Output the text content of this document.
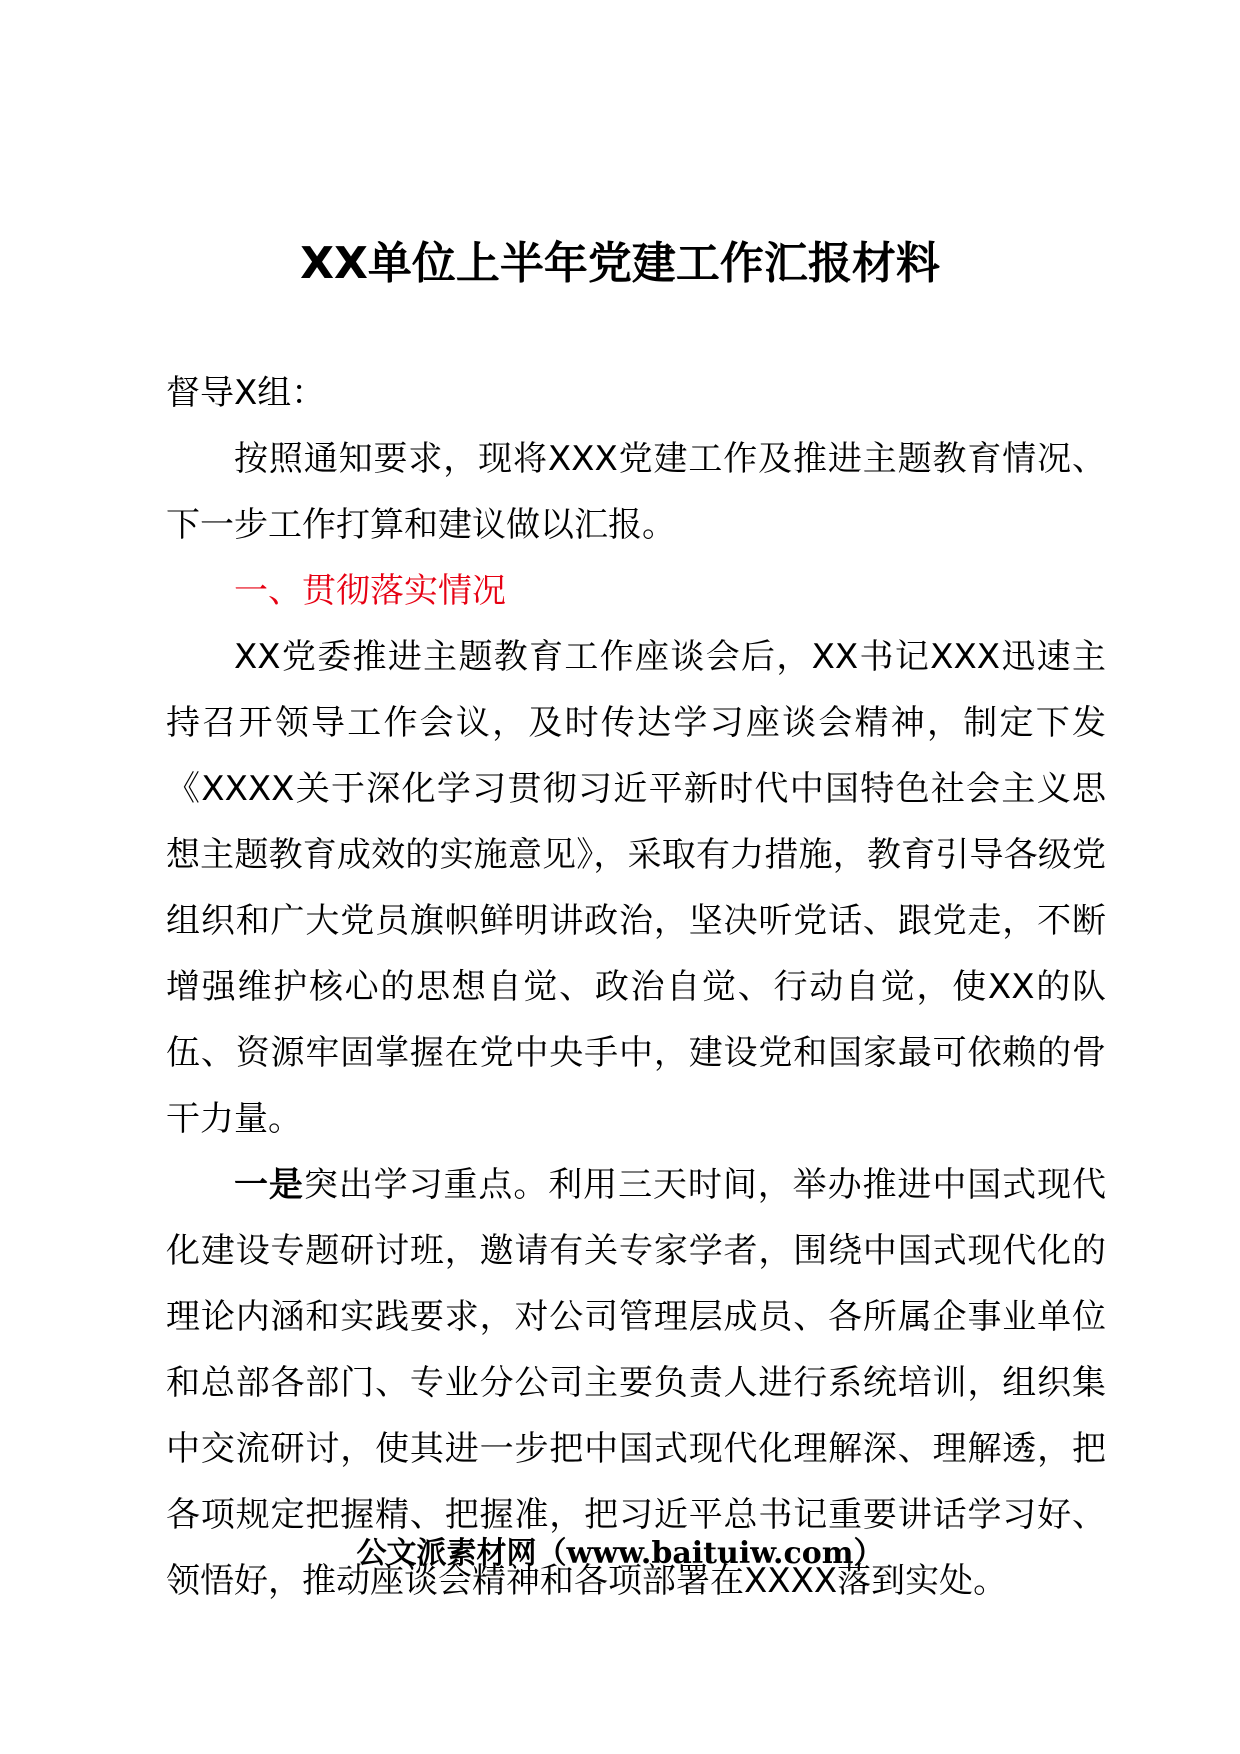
XX单位上半年党建工作汇报材料

督导X组：

按照通知要求，现将XXX党建工作及推进主题教育情况、下一步工作打算和建议做以汇报。

一、贯彻落实情况

XX党委推进主题教育工作座谈会后，XX书记XXX迅速主持召开领导工作会议，及时传达学习座谈会精神，制定下发《XXXX关于深化学习贯彻习近平新时代中国特色社会主义思想主题教育成效的实施意见》，采取有力措施，教育引导各级党组织和广大党员旗帜鲜明讲政治，坚决听党话、跟党走，不断增强维护核心的思想自觉、政治自觉、行动自觉，使XX的队伍、资源牢固掌握在党中央手中，建设党和国家最可依赖的骨干力量。

一是突出学习重点。利用三天时间，举办推进中国式现代化建设专题研讨班，邀请有关专家学者，围绕中国式现代化的理论内涵和实践要求，对公司管理层成员、各所属企事业单位和总部各部门、专业分公司主要负责人进行系统培训，组织集中交流研讨，使其进一步把中国式现代化理解深、理解透，把各项规定把握精、把握准，把习近平总书记重要讲话学习好、领悟好，推动座谈会精神和各项部署在XXXX落到实处。

公文派素材网（www.baituiw.com）
